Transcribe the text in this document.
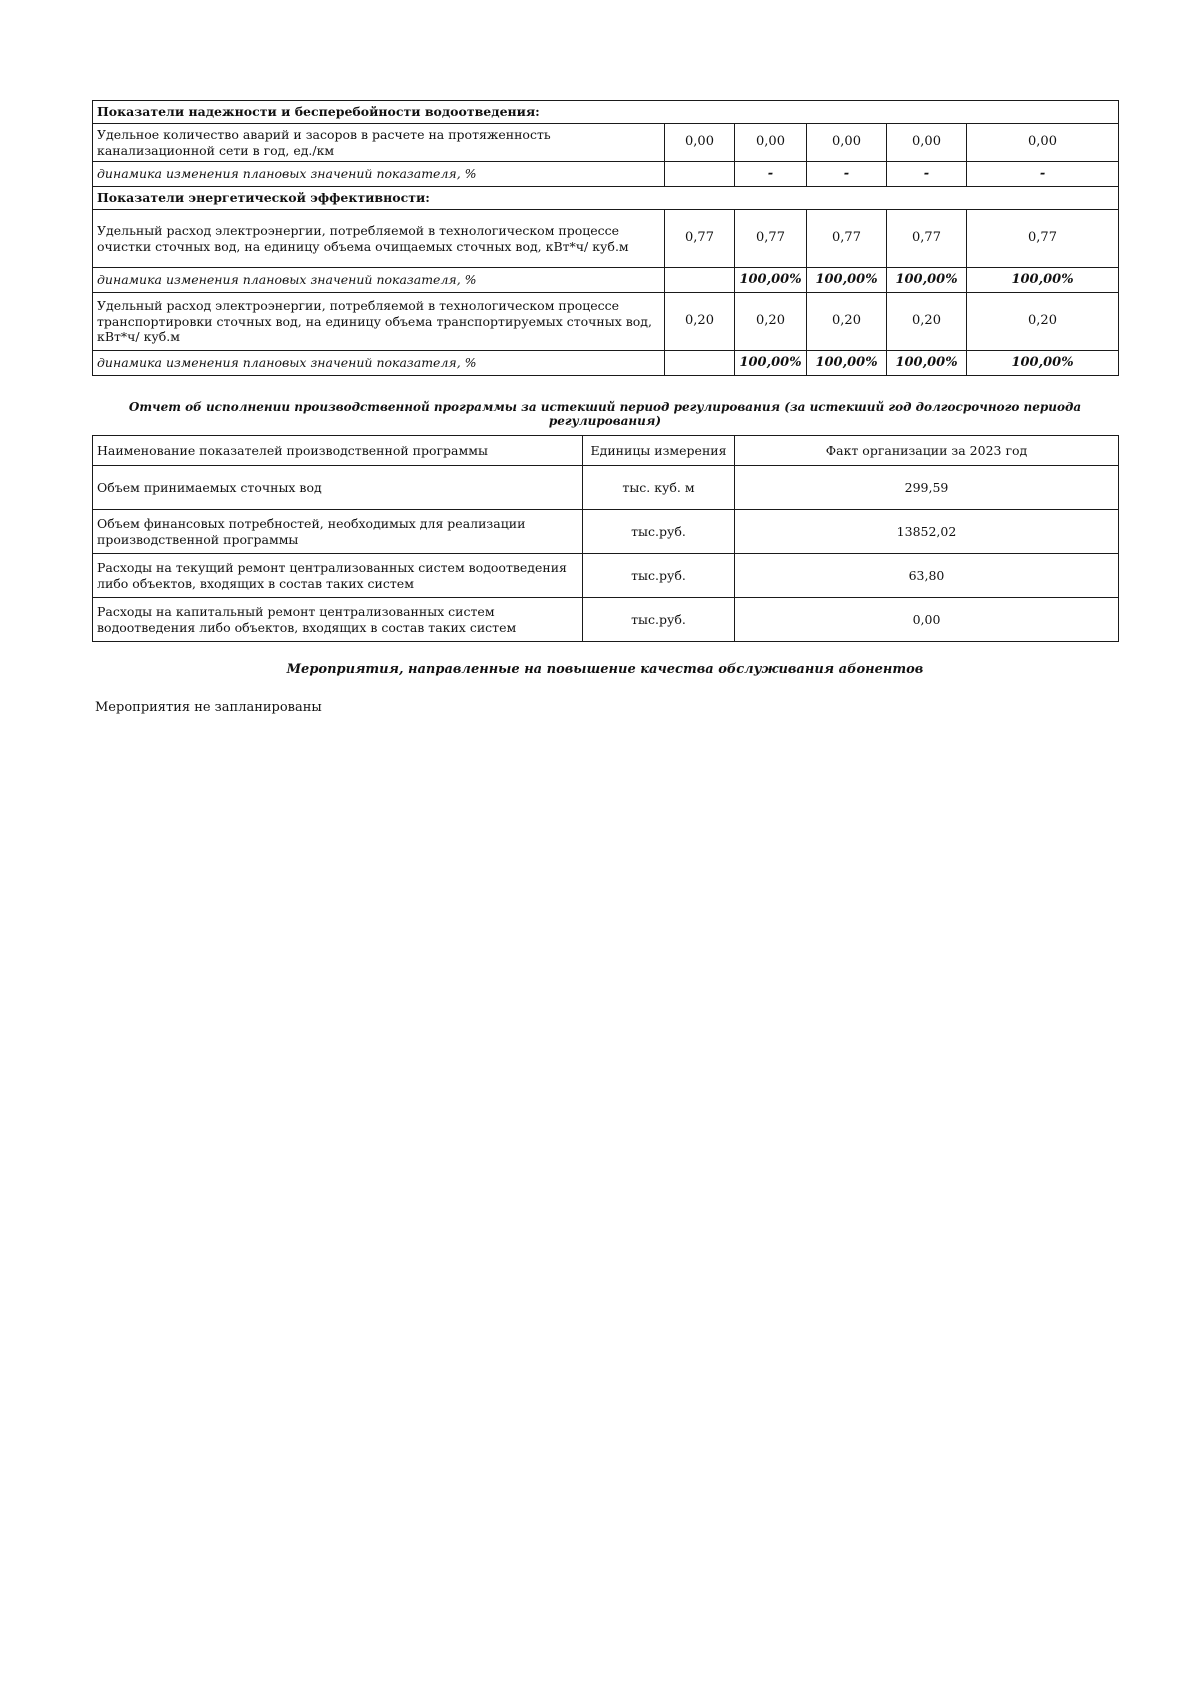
Показатели надежности и бесперебойности водоотведения:					
Удельное количество аварий и засоров в расчете на протяженность канализационной сети в год, ед./км	0,00	0,00	0,00	0,00	0,00
динамика изменения плановых значений показателя, %		-	-	-	-
Показатели энергетической эффективности:					
Удельный расход электроэнергии, потребляемой в технологическом процессе очистки сточных вод, на единицу объема очищаемых сточных вод, кВт*ч/ куб.м	0,77	0,77	0,77	0,77	0,77
динамика изменения плановых значений показателя, %		100,00%	100,00%	100,00%	100,00%
Удельный расход электроэнергии, потребляемой в технологическом процессе транспортировки сточных вод, на единицу объема транспортируемых сточных вод, кВт*ч/ куб.м	0,20	0,20	0,20	0,20	0,20
динамика изменения плановых значений показателя, %		100,00%	100,00%	100,00%	100,00%
Отчет об исполнении производственной программы за истекший период регулирования (за истекший год долгосрочного периода регулирования)
Наименование показателей производственной программы	Единицы измерения	Факт организации за 2023 год
Объем принимаемых сточных вод	тыс. куб. м	299,59
Объем финансовых потребностей, необходимых для реализации производственной программы	тыс.руб.	13852,02
Расходы на текущий ремонт централизованных систем водоотведения либо объектов, входящих в состав таких систем	тыс.руб.	63,80
Расходы на капитальный ремонт централизованных систем водоотведения либо объектов, входящих в состав таких систем	тыс.руб.	0,00
Мероприятия, направленные на повышение качества обслуживания абонентов
Мероприятия не запланированы
